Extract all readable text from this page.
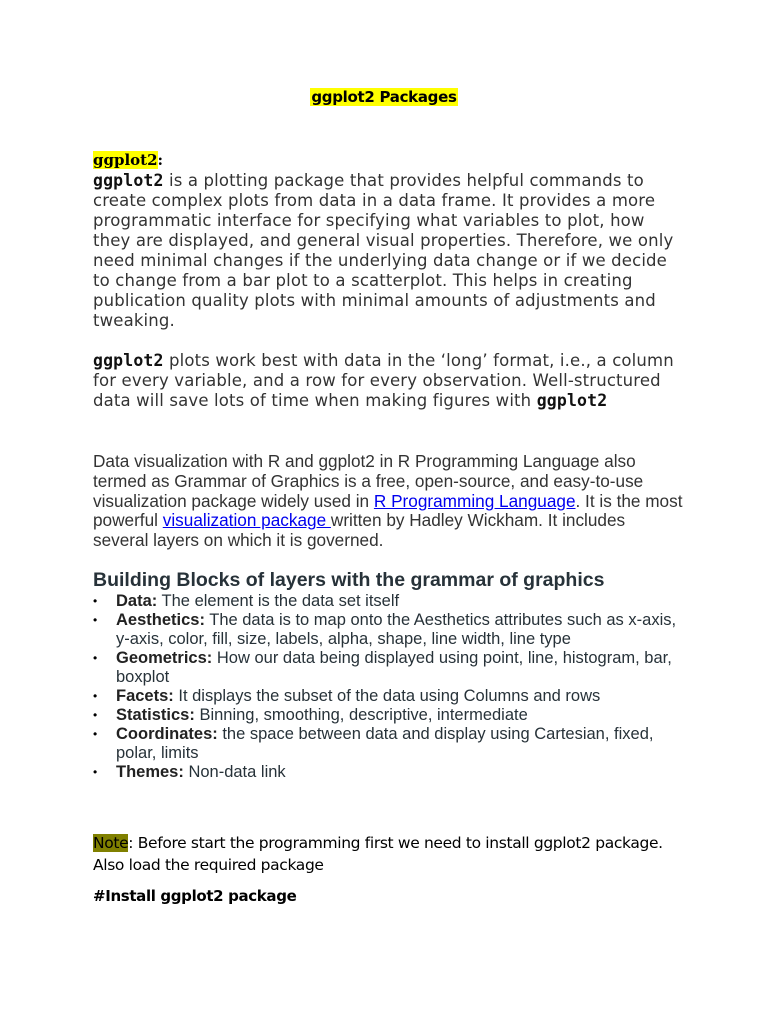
ggplot2 Packages
ggplot2:
ggplot2 is a plotting package that provides helpful commands to create complex plots from data in a data frame. It provides a more programmatic interface for specifying what variables to plot, how they are displayed, and general visual properties. Therefore, we only need minimal changes if the underlying data change or if we decide to change from a bar plot to a scatterplot. This helps in creating publication quality plots with minimal amounts of adjustments and tweaking.
ggplot2 plots work best with data in the ‘long’ format, i.e., a column for every variable, and a row for every observation. Well-structured data will save lots of time when making figures with ggplot2
Data visualization with R and ggplot2 in R Programming Language also termed as Grammar of Graphics is a free, open-source, and easy-to-use visualization package widely used in R Programming Language. It is the most powerful visualization package written by Hadley Wickham. It includes several layers on which it is governed.
Building Blocks of layers with the grammar of graphics
• Data: The element is the data set itself
• Aesthetics: The data is to map onto the Aesthetics attributes such as x-axis, y-axis, color, fill, size, labels, alpha, shape, line width, line type
• Geometrics: How our data being displayed using point, line, histogram, bar, boxplot
• Facets: It displays the subset of the data using Columns and rows
• Statistics: Binning, smoothing, descriptive, intermediate
• Coordinates: the space between data and display using Cartesian, fixed, polar, limits
• Themes: Non-data link
Note: Before start the programming first we need to install ggplot2 package. Also load the required package
#Install ggplot2 package
